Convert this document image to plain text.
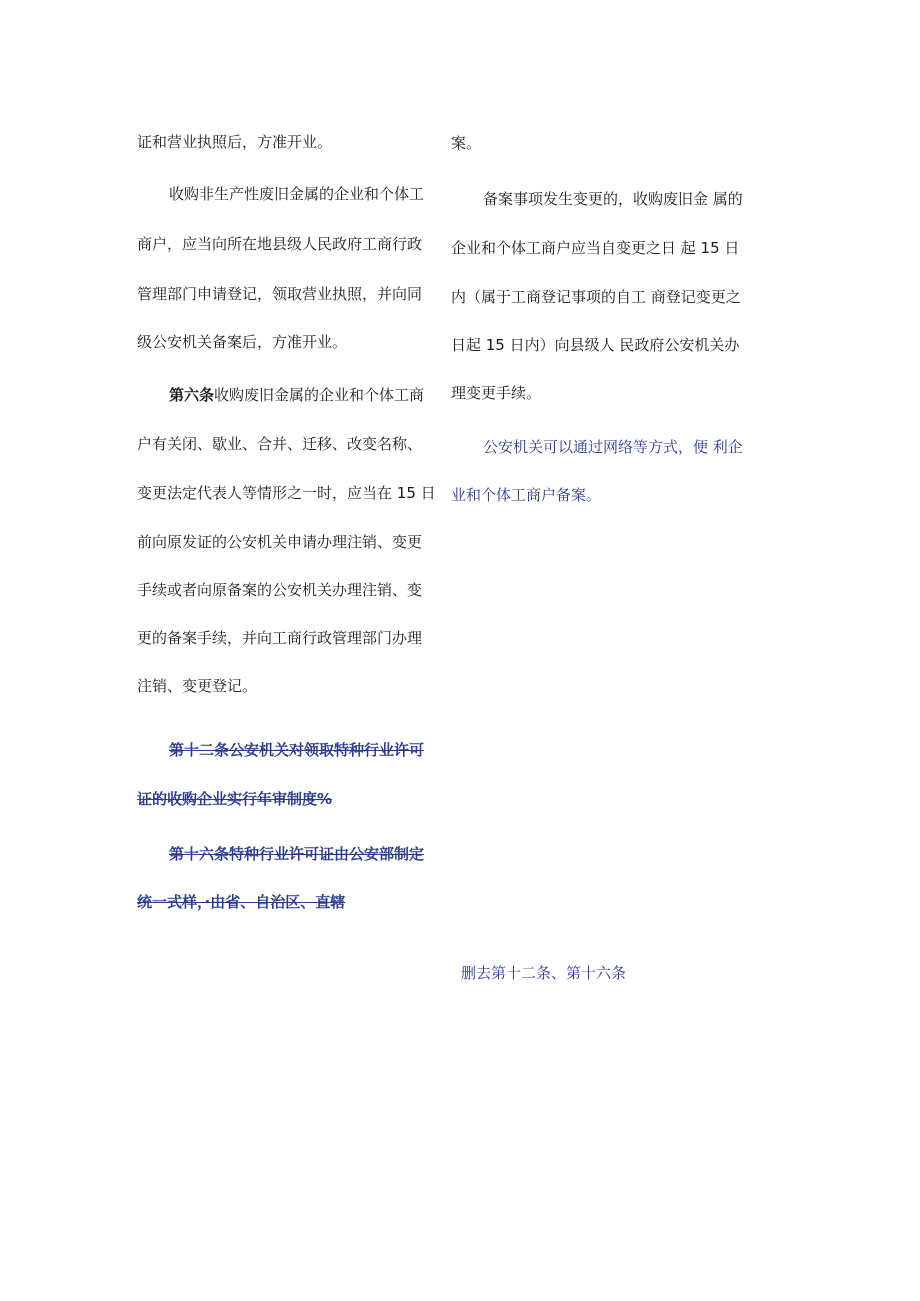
证和营业执照后，方准开业。
收购非生产性废旧金属的企业和个体工
商户，应当向所在地县级人民政府工商行政
管理部门申请登记，领取营业执照，并向同
级公安机关备案后，方准开业。
第六条收购废旧金属的企业和个体工商
户有关闭、歇业、合并、迁移、改变名称、
变更法定代表人等情形之一时，应当在 15 日
前向原发证的公安机关申请办理注销、变更
手续或者向原备案的公安机关办理注销、变
更的备案手续，并向工商行政管理部门办理
注销、变更登记。
第十二条公安机关对领取特种行业许可
证的收购企业实行年审制度%
第十六条特种行业许可证由公安部制定
统一式样，·由省、自治区、直辖
案。
备案事项发生变更的，收购废旧金 属的
企业和个体工商户应当自变更之日 起 15 日
内（属于工商登记事项的自工 商登记变更之
日起 15 日内）向县级人 民政府公安机关办
理变更手续。
公安机关可以通过网络等方式，便 利企
业和个体工商户备案。
删去第十二条、第十六条
